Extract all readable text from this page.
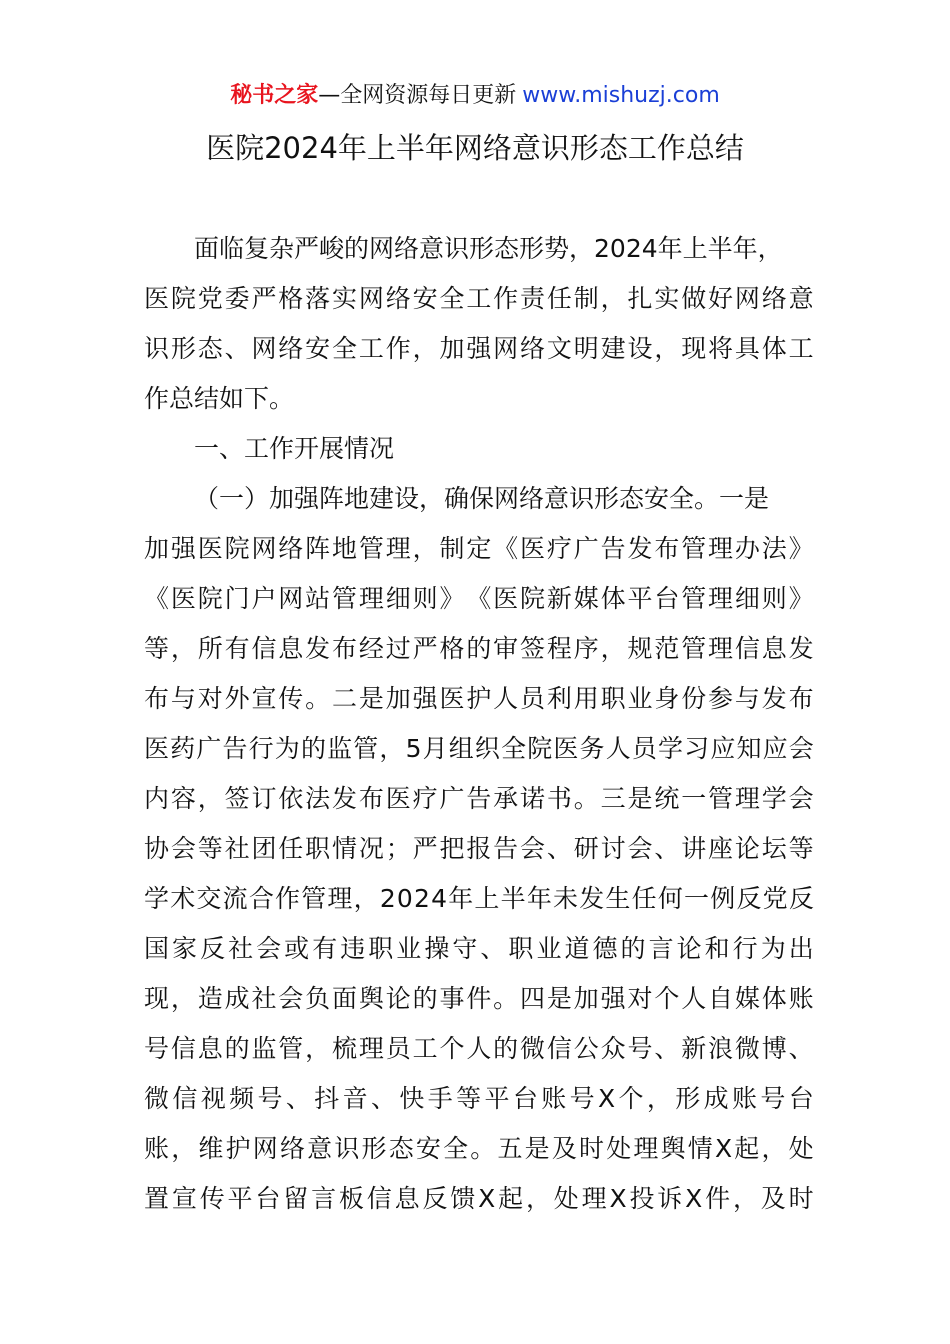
秘书之家—全网资源每日更新 www.mishuzj.com
医院2024年上半年网络意识形态工作总结
面临复杂严峻的网络意识形态形势，2024年上半年，
医 院 党 委 严 格 落 实 网 络 安 全 工 作 责 任 制 ， 扎 实 做 好 网 络 意
识 形 态 、 网 络 安 全 工 作 ， 加 强 网 络 文 明 建 设 ， 现 将 具 体 工
作总结如下。
一、工作开展情况
（一）加强阵地建设，确保网络意识形态安全。一是
加 强 医 院 网 络 阵 地 管 理 ， 制 定 《 医 疗 广 告 发 布 管 理 办 法 》
《 医 院 门 户 网 站 管 理 细 则 》 《 医 院 新 媒 体 平 台 管 理 细 则 》
等 ， 所 有 信 息 发 布 经 过 严 格 的 审 签 程 序 ， 规 范 管 理 信 息 发
布 与 对 外 宣 传 。 二 是 加 强 医 护 人 员 利 用 职 业 身 份 参 与 发 布
医 药 广 告 行 为 的 监 管 ， 5 月 组 织 全 院 医 务 人 员 学 习 应 知 应 会
内 容 ， 签 订 依 法 发 布 医 疗 广 告 承 诺 书 。 三 是 统 一 管 理 学 会
协 会 等 社 团 任 职 情 况 ； 严 把 报 告 会 、 研 讨 会 、 讲 座 论 坛 等
学 术 交 流 合 作 管 理 ， 2 0 2 4 年 上 半 年 未 发 生 任 何 一 例 反 党 反
国 家 反 社 会 或 有 违 职 业 操 守 、 职 业 道 德 的 言 论 和 行 为 出
现 ， 造 成 社 会 负 面 舆 论 的 事 件 。 四 是 加 强 对 个 人 自 媒 体 账
号 信 息 的 监 管 ， 梳 理 员 工 个 人 的 微 信 公 众 号 、 新 浪 微 博 、
微 信 视 频 号 、 抖 音 、 快 手 等 平 台 账 号 X 个 ， 形 成 账 号 台
账 ， 维 护 网 络 意 识 形 态 安 全 。 五 是 及 时 处 理 舆 情 X 起 ， 处
置 宣 传 平 台 留 言 板 信 息 反 馈 X 起 ， 处 理 X 投 诉 X 件 ， 及 时
